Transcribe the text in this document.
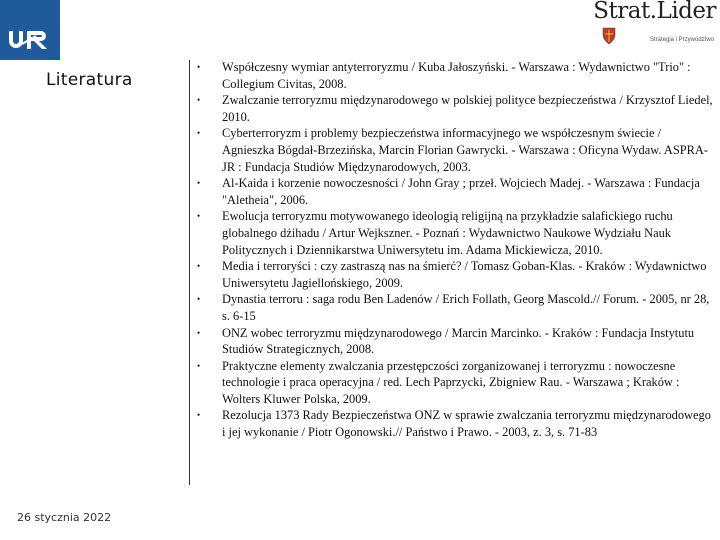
Strat.Lider
Strategia i Przywództwo
Literatura
• Współczesny wymiar antyterroryzmu / Kuba Jałoszyński. - Warszawa : Wydawnictwo "Trio" : Collegium Civitas, 2008.
• Zwalczanie terroryzmu międzynarodowego w polskiej polityce bezpieczeństwa / Krzysztof Liedel, 2010.
• Cyberterroryzm i problemy bezpieczeństwa informacyjnego we współczesnym świecie / Agnieszka Bógdał-Brzezińska, Marcin Florian Gawrycki. - Warszawa : Oficyna Wydaw. ASPRA-JR : Fundacja Studiów Międzynarodowych, 2003.
• Al-Kaida i korzenie nowoczesności / John Gray ; przeł. Wojciech Madej. - Warszawa : Fundacja "Aletheia", 2006.
• Ewolucja terroryzmu motywowanego ideologią religijną na przykładzie salafickiego ruchu globalnego dżihadu / Artur Wejkszner. - Poznań : Wydawnictwo Naukowe Wydziału Nauk Politycznych i Dziennikarstwa Uniwersytetu im. Adama Mickiewicza, 2010.
• Media i terroryści : czy zastraszą nas na śmierć? / Tomasz Goban-Klas. - Kraków : Wydawnictwo Uniwersytetu Jagiellońskiego, 2009.
• Dynastia terroru : saga rodu Ben Ladenów / Erich Follath, Georg Mascold.// Forum. - 2005, nr 28, s. 6-15
• ONZ wobec terroryzmu międzynarodowego / Marcin Marcinko. - Kraków : Fundacja Instytutu Studiów Strategicznych, 2008.
• Praktyczne elementy zwalczania przestępczości zorganizowanej i terroryzmu : nowoczesne technologie i praca operacyjna / red. Lech Paprzycki, Zbigniew Rau. - Warszawa ; Kraków : Wolters Kluwer Polska, 2009.
• Rezolucja 1373 Rady Bezpieczeństwa ONZ w sprawie zwalczania terroryzmu międzynarodowego i jej wykonanie / Piotr Ogonowski.// Państwo i Prawo. - 2003, z. 3, s. 71-83
26 stycznia 2022
